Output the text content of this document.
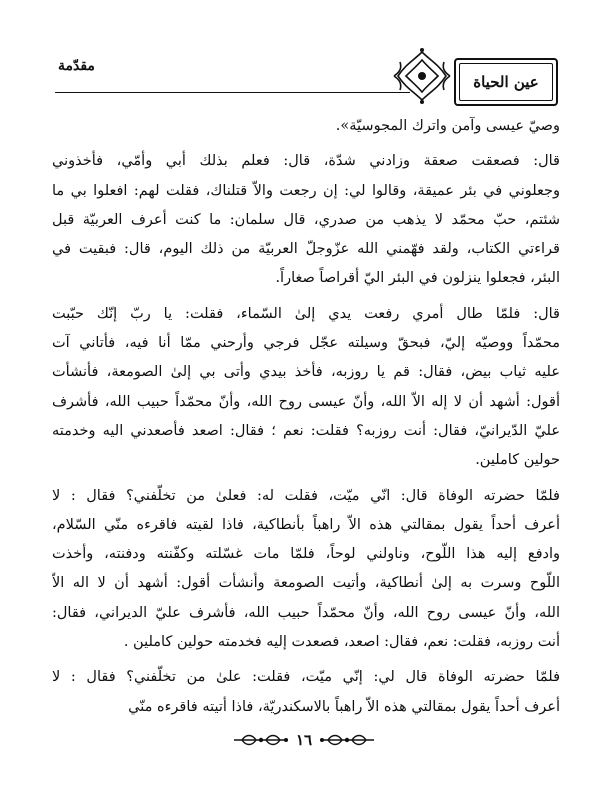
مقدّمة
عين الحياة

وصيّ عيسى وآمن واترك المجوسيّة».

قال: فصعقت صعقة وزادني شدّة، قال: فعلم بذلك أبي وأمّي، فأخذوني
وجعلوني في بئر عميقة، وقالوا لي: إن رجعت والاّ قتلناك، فقلت لهم: افعلوا بي ما
شئتم، حبّ محمّد لا يذهب من صدري، قال سلمان: ما كنت أعرف العربيّة قبل
قراءتي الكتاب، ولقد فهّمني الله عزّوجلّ العربيّة من ذلك اليوم، قال: فبقيت في
البئر، فجعلوا ينزلون في البئر اليّ أقراصاً صغاراً.

قال: فلمّا طال أمري رفعت يدي إلىٰ السّماء، فقلت: يا ربّ إنّك حبّبت
محمّداً ووصيّه إليّ، فبحقّ وسيلته عجّل فرجي وأرحني ممّا أنا فيه، فأتاني آت
عليه ثياب بيض، فقال: قم يا روزبه، فأخذ بيدي وأتى بي إلىٰ الصومعة، فأنشأت
أقول: أشهد أن لا إله الاّ الله، وأنّ عيسى روح الله، وأنّ محمّداً حبيب الله، فأشرف
عليّ الدّيرانيّ، فقال: أنت روزبه؟ فقلت: نعم ؛ فقال: اصعد فأصعدني اليه وخدمته
حولين كاملين.

فلمّا حضرته الوفاة قال: انّي ميّت، فقلت له: فعلىٰ من تخلّفني؟ فقال : لا
أعرف أحداً يقول بمقالتي هذه الاّ راهباً بأنطاكية، فاذا لقيته فاقرءه منّي السّلام،
وادفع إليه هذا اللّوح، وناولني لوحاً، فلمّا مات غسّلته وكفّنته ودفنته، وأخذت
اللّوح وسرت به إلىٰ أنطاكية، وأتيت الصومعة وأنشأت أقول: أشهد أن لا اله الاّ
الله، وأنّ عيسى روح الله، وأنّ محمّداً حبيب الله، فأشرف عليّ الديراني، فقال:
أنت روزبه، فقلت: نعم، فقال: اصعد، فصعدت إليه فخدمته حولين كاملين .

فلمّا حضرته الوفاة قال لي: إنّي ميّت، فقلت: علىٰ من تخلّفني؟ فقال : لا
أعرف أحداً يقول بمقالتي هذه الاّ راهباً بالاسكندريّة، فاذا أتيته فاقرءه منّي

١٦
